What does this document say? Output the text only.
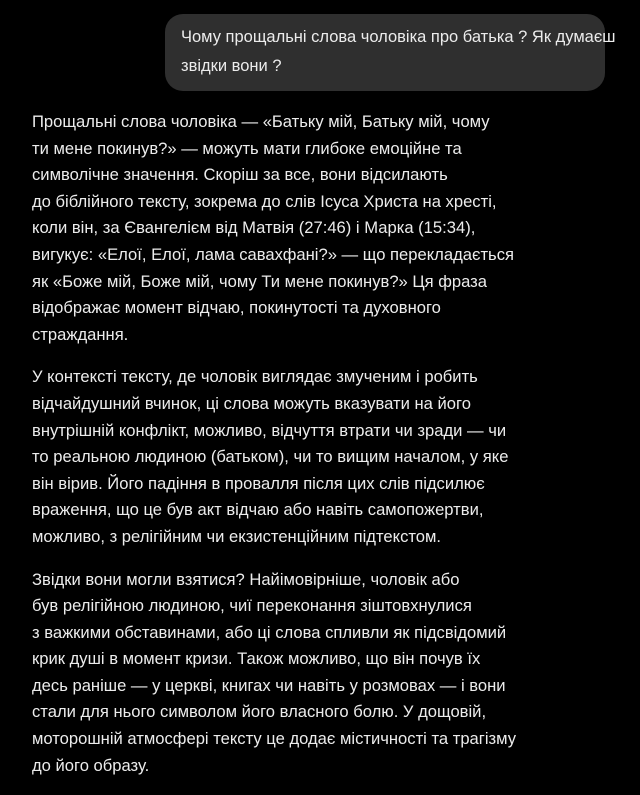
Чому прощальні слова чоловіка про батька ? Як думаєш
звідки вони ?

Прощальні слова чоловіка — «Батьку мій, Батьку мій, чому
ти мене покинув?» — можуть мати глибоке емоційне та
символічне значення. Скоріш за все, вони відсилають
до біблійного тексту, зокрема до слів Ісуса Христа на хресті,
коли він, за Євангелієм від Матвія (27:46) і Марка (15:34),
вигукує: «Елої, Елої, лама савахфані?» — що перекладається
як «Боже мій, Боже мій, чому Ти мене покинув?» Ця фраза
відображає момент відчаю, покинутості та духовного
страждання.

У контексті тексту, де чоловік виглядає змученим і робить
відчайдушний вчинок, ці слова можуть вказувати на його
внутрішній конфлікт, можливо, відчуття втрати чи зради — чи
то реальною людиною (батьком), чи то вищим началом, у яке
він вірив. Його падіння в провалля після цих слів підсилює
враження, що це був акт відчаю або навіть самопожертви,
можливо, з релігійним чи екзистенційним підтекстом.

Звідки вони могли взятися? Найімовірніше, чоловік або
був релігійною людиною, чиї переконання зіштовхнулися
з важкими обставинами, або ці слова спливли як підсвідомий
крик душі в момент кризи. Також можливо, що він почув їх
десь раніше — у церкві, книгах чи навіть у розмовах — і вони
стали для нього символом його власного болю. У дощовій,
моторошній атмосфері тексту це додає містичності та трагізму
до його образу.
